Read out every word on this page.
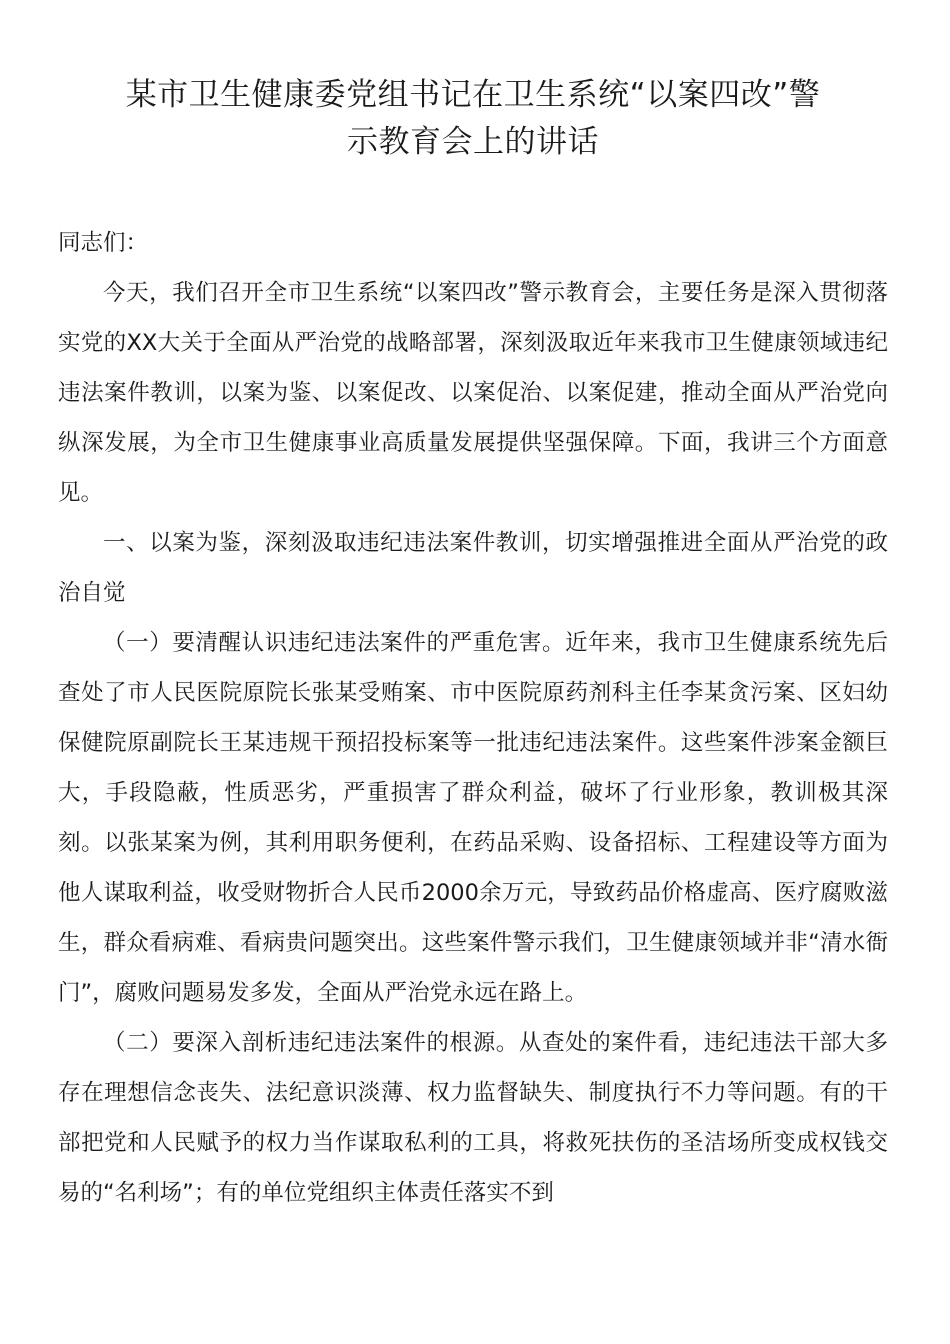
某市卫生健康委党组书记在卫生系统“以案四改”警
示教育会上的讲话

同志们：

今天，我们召开全市卫生系统“以案四改”警示教育会，主要任务是深入贯彻落实党的XX大关于全面从严治党的战略部署，深刻汲取近年来我市卫生健康领域违纪违法案件教训，以案为鉴、以案促改、以案促治、以案促建，推动全面从严治党向纵深发展，为全市卫生健康事业高质量发展提供坚强保障。下面，我讲三个方面意见。

一、以案为鉴，深刻汲取违纪违法案件教训，切实增强推进全面从严治党的政治自觉

（一）要清醒认识违纪违法案件的严重危害。近年来，我市卫生健康系统先后查处了市人民医院原院长张某受贿案、市中医院原药剂科主任李某贪污案、区妇幼保健院原副院长王某违规干预招投标案等一批违纪违法案件。这些案件涉案金额巨大，手段隐蔽，性质恶劣，严重损害了群众利益，破坏了行业形象，教训极其深刻。以张某案为例，其利用职务便利，在药品采购、设备招标、工程建设等方面为他人谋取利益，收受财物折合人民币2000余万元，导致药品价格虚高、医疗腐败滋生，群众看病难、看病贵问题突出。这些案件警示我们，卫生健康领域并非“清水衙门”，腐败问题易发多发，全面从严治党永远在路上。

（二）要深入剖析违纪违法案件的根源。从查处的案件看，违纪违法干部大多存在理想信念丧失、法纪意识淡薄、权力监督缺失、制度执行不力等问题。有的干部把党和人民赋予的权力当作谋取私利的工具，将救死扶伤的圣洁场所变成权钱交易的“名利场”；有的单位党组织主体责任落实不到
